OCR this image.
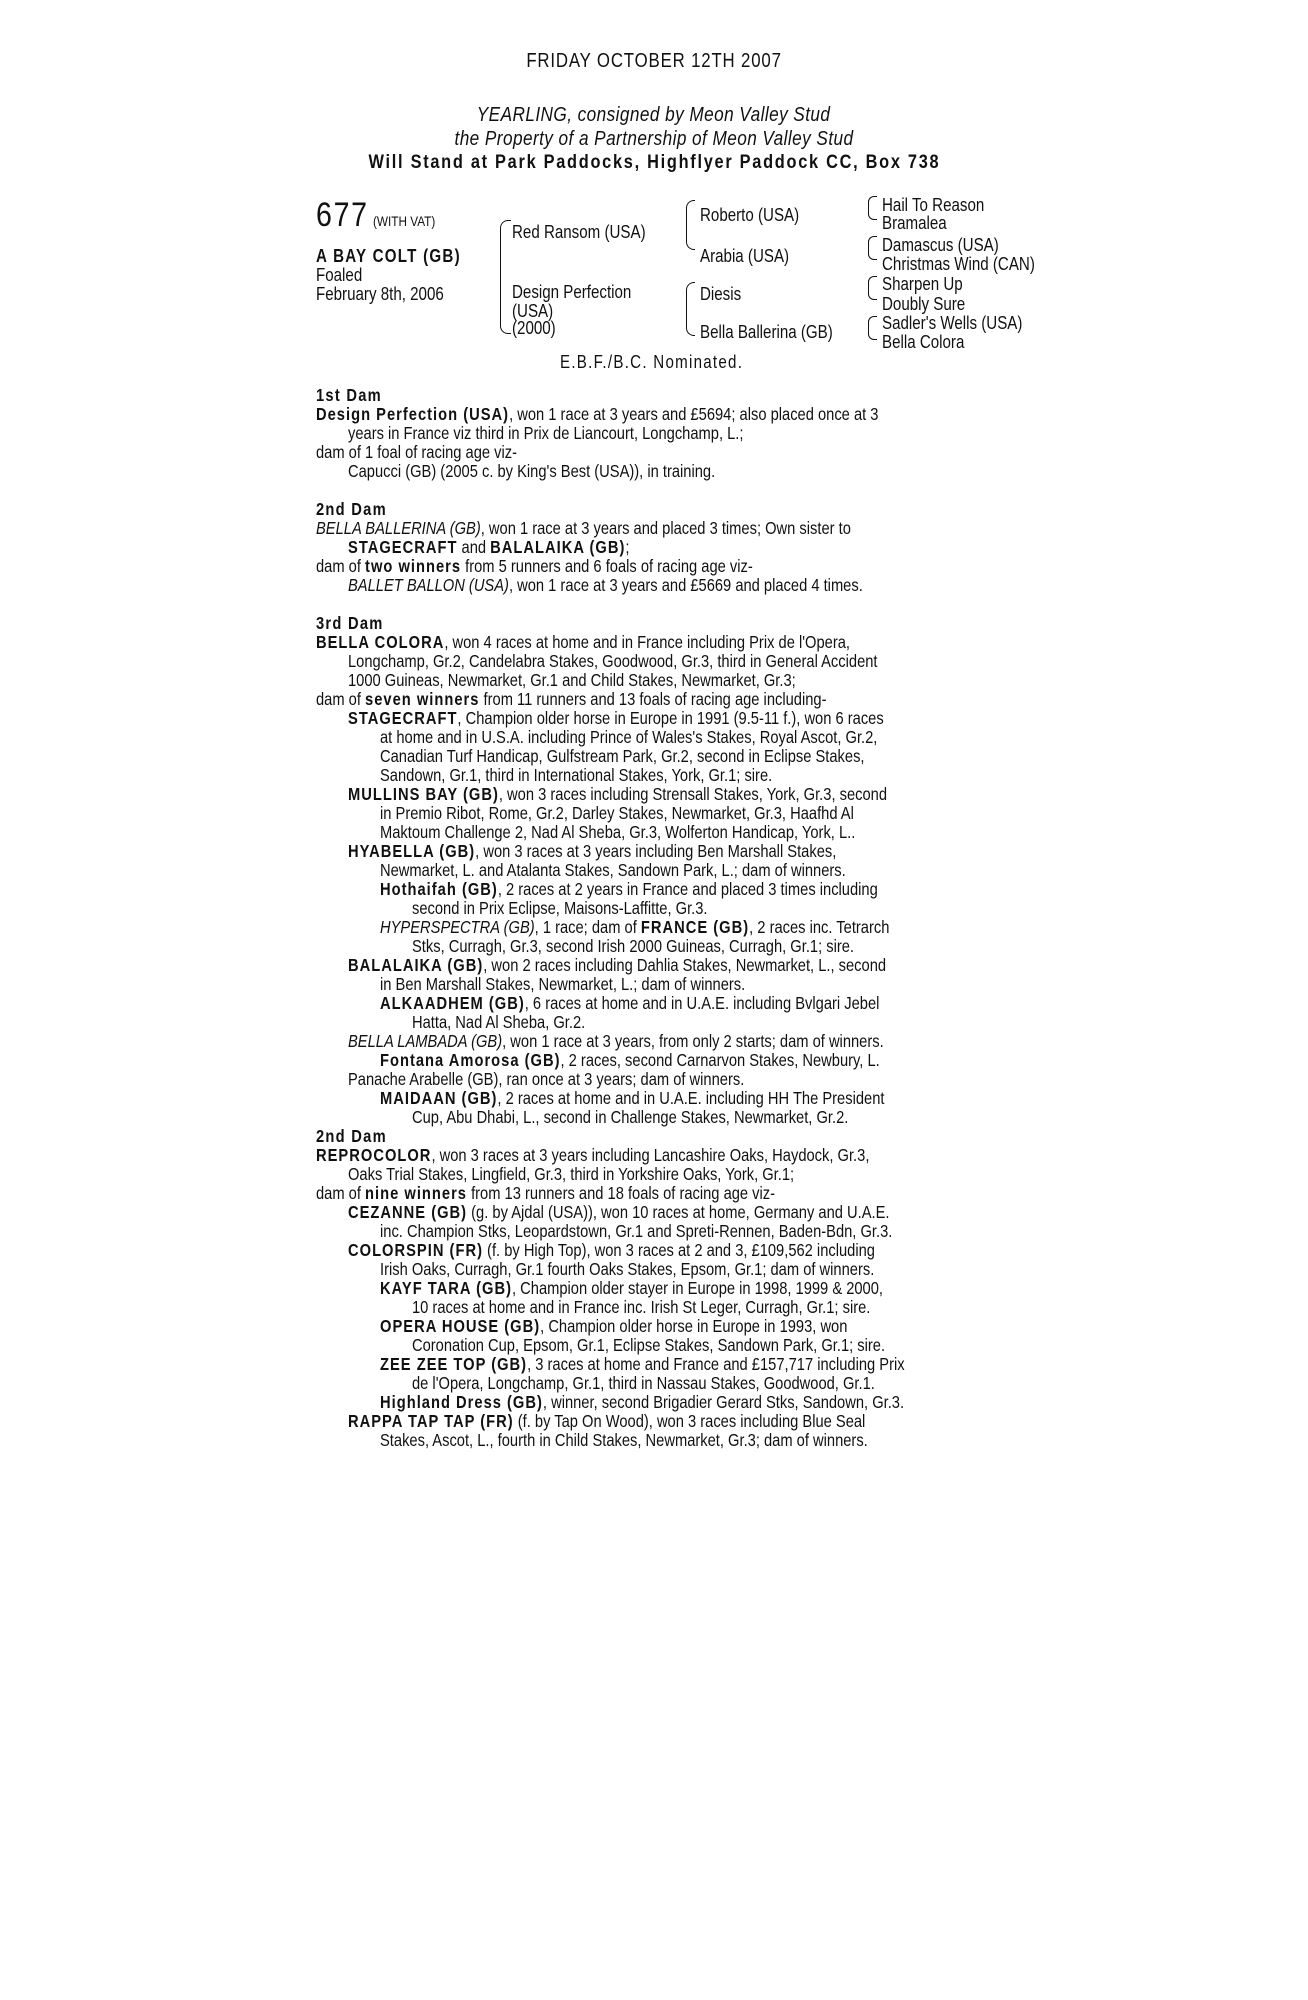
FRIDAY OCTOBER 12TH 2007
YEARLING, consigned by Meon Valley Stud
the Property of a Partnership of Meon Valley Stud
Will Stand at Park Paddocks, Highflyer Paddock CC, Box 738
677 (WITH VAT)
A BAY COLT (GB)
Foaled
February 8th, 2006
Red Ransom (USA)
Design Perfection
(USA)
(2000)
Roberto (USA)
Arabia (USA)
Diesis
Bella Ballerina (GB)
Hail To Reason
Bramalea
Damascus (USA)
Christmas Wind (CAN)
Sharpen Up
Doubly Sure
Sadler's Wells (USA)
Bella Colora
E.B.F./B.C. Nominated.
1st Dam
Design Perfection (USA), won 1 race at 3 years and £5694; also placed once at 3
years in France viz third in Prix de Liancourt, Longchamp, L.;
dam of 1 foal of racing age viz-
Capucci (GB) (2005 c. by King's Best (USA)), in training.
2nd Dam
BELLA BALLERINA (GB), won 1 race at 3 years and placed 3 times; Own sister to
STAGECRAFT and BALALAIKA (GB);
dam of two winners from 5 runners and 6 foals of racing age viz-
BALLET BALLON (USA), won 1 race at 3 years and £5669 and placed 4 times.
3rd Dam
BELLA COLORA, won 4 races at home and in France including Prix de l'Opera,
Longchamp, Gr.2, Candelabra Stakes, Goodwood, Gr.3, third in General Accident
1000 Guineas, Newmarket, Gr.1 and Child Stakes, Newmarket, Gr.3;
dam of seven winners from 11 runners and 13 foals of racing age including-
STAGECRAFT, Champion older horse in Europe in 1991 (9.5-11 f.), won 6 races
at home and in U.S.A. including Prince of Wales's Stakes, Royal Ascot, Gr.2,
Canadian Turf Handicap, Gulfstream Park, Gr.2, second in Eclipse Stakes,
Sandown, Gr.1, third in International Stakes, York, Gr.1; sire.
MULLINS BAY (GB), won 3 races including Strensall Stakes, York, Gr.3, second
in Premio Ribot, Rome, Gr.2, Darley Stakes, Newmarket, Gr.3, Haafhd Al
Maktoum Challenge 2, Nad Al Sheba, Gr.3, Wolferton Handicap, York, L..
HYABELLA (GB), won 3 races at 3 years including Ben Marshall Stakes,
Newmarket, L. and Atalanta Stakes, Sandown Park, L.; dam of winners.
Hothaifah (GB), 2 races at 2 years in France and placed 3 times including
second in Prix Eclipse, Maisons-Laffitte, Gr.3.
HYPERSPECTRA (GB), 1 race; dam of FRANCE (GB), 2 races inc. Tetrarch
Stks, Curragh, Gr.3, second Irish 2000 Guineas, Curragh, Gr.1; sire.
BALALAIKA (GB), won 2 races including Dahlia Stakes, Newmarket, L., second
in Ben Marshall Stakes, Newmarket, L.; dam of winners.
ALKAADHEM (GB), 6 races at home and in U.A.E. including Bvlgari Jebel
Hatta, Nad Al Sheba, Gr.2.
BELLA LAMBADA (GB), won 1 race at 3 years, from only 2 starts; dam of winners.
Fontana Amorosa (GB), 2 races, second Carnarvon Stakes, Newbury, L.
Panache Arabelle (GB), ran once at 3 years; dam of winners.
MAIDAAN (GB), 2 races at home and in U.A.E. including HH The President
Cup, Abu Dhabi, L., second in Challenge Stakes, Newmarket, Gr.2.
2nd Dam
REPROCOLOR, won 3 races at 3 years including Lancashire Oaks, Haydock, Gr.3,
Oaks Trial Stakes, Lingfield, Gr.3, third in Yorkshire Oaks, York, Gr.1;
dam of nine winners from 13 runners and 18 foals of racing age viz-
CEZANNE (GB) (g. by Ajdal (USA)), won 10 races at home, Germany and U.A.E.
inc. Champion Stks, Leopardstown, Gr.1 and Spreti-Rennen, Baden-Bdn, Gr.3.
COLORSPIN (FR) (f. by High Top), won 3 races at 2 and 3, £109,562 including
Irish Oaks, Curragh, Gr.1 fourth Oaks Stakes, Epsom, Gr.1; dam of winners.
KAYF TARA (GB), Champion older stayer in Europe in 1998, 1999 & 2000,
10 races at home and in France inc. Irish St Leger, Curragh, Gr.1; sire.
OPERA HOUSE (GB), Champion older horse in Europe in 1993, won
Coronation Cup, Epsom, Gr.1, Eclipse Stakes, Sandown Park, Gr.1; sire.
ZEE ZEE TOP (GB), 3 races at home and France and £157,717 including Prix
de l'Opera, Longchamp, Gr.1, third in Nassau Stakes, Goodwood, Gr.1.
Highland Dress (GB), winner, second Brigadier Gerard Stks, Sandown, Gr.3.
RAPPA TAP TAP (FR) (f. by Tap On Wood), won 3 races including Blue Seal
Stakes, Ascot, L., fourth in Child Stakes, Newmarket, Gr.3; dam of winners.
